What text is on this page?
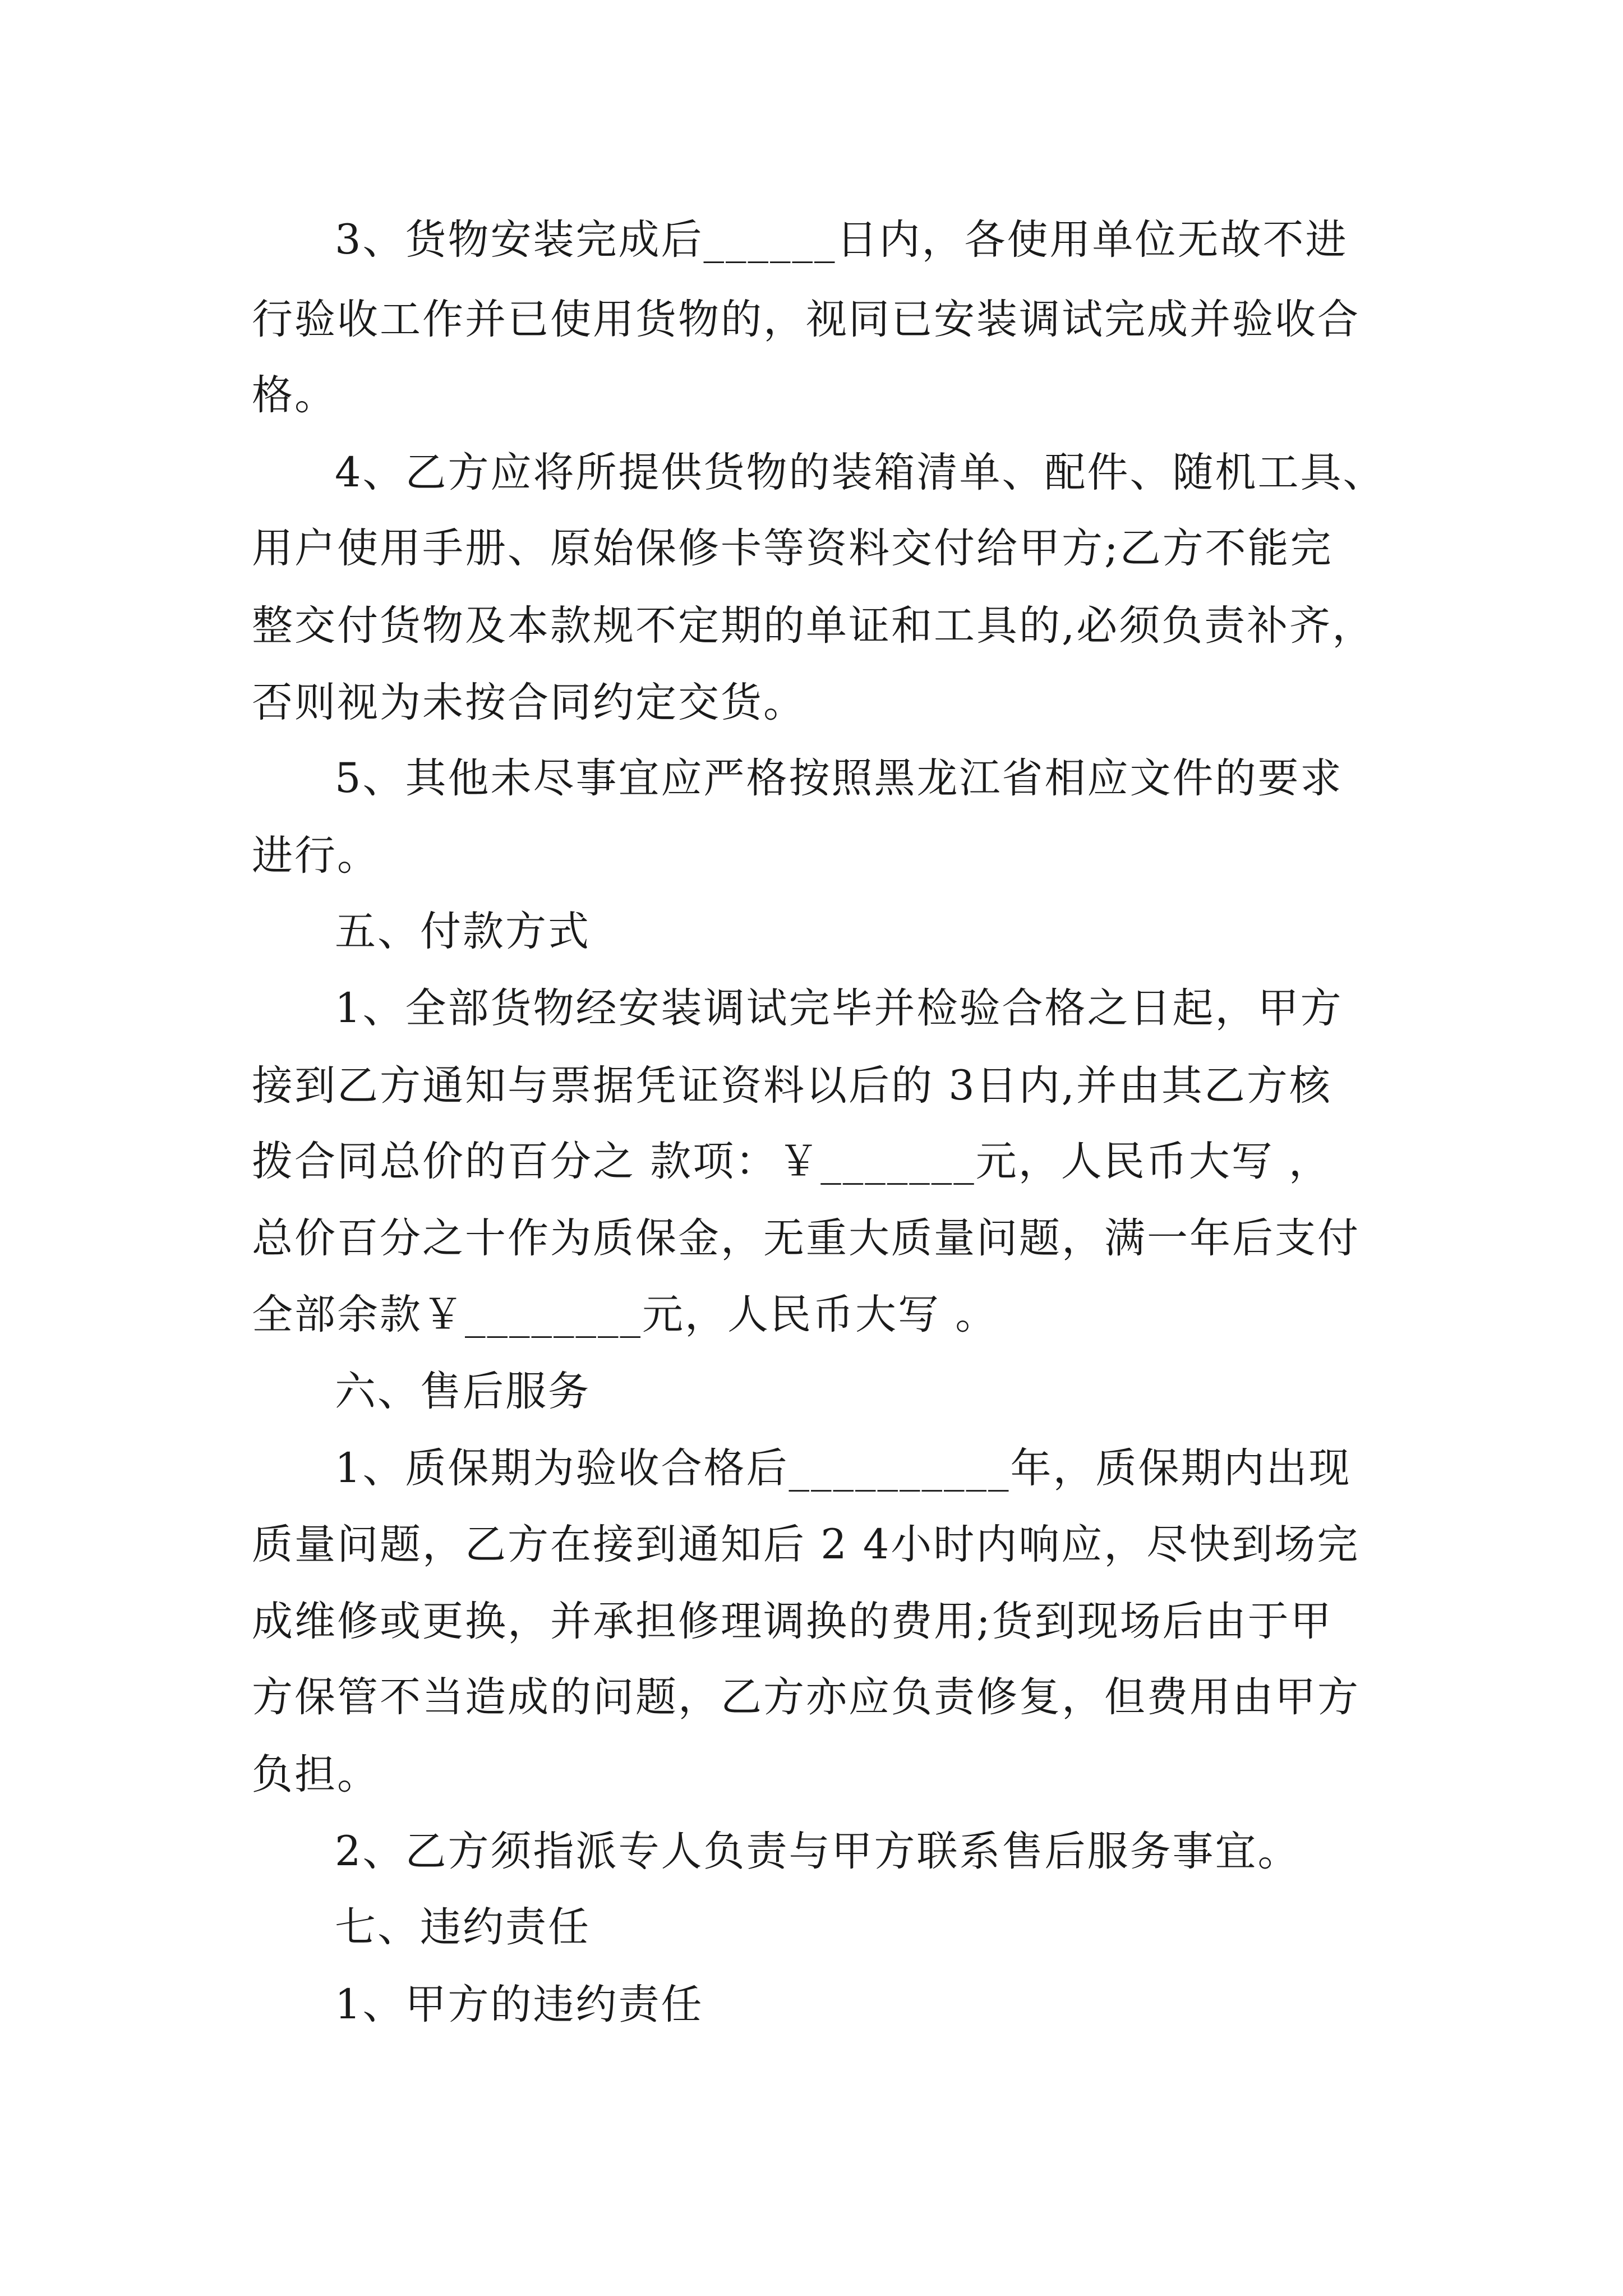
3、货物安装完成后______日内，各使用单位无故不进
行验收工作并已使用货物的，视同已安装调试完成并验收合
格。
4、乙方应将所提供货物的装箱清单、配件、随机工具、
用户使用手册、原始保修卡等资料交付给甲方;乙方不能完
整交付货物及本款规不定期的单证和工具的,必须负责补齐，
否则视为未按合同约定交货。
5、其他未尽事宜应严格按照黑龙江省相应文件的要求
进行。
五、付款方式
1、全部货物经安装调试完毕并检验合格之日起，甲方
接到乙方通知与票据凭证资料以后的 3日内,并由其乙方核
拨合同总价的百分之 款项：￥_______元，人民币大写 ，
总价百分之十作为质保金，无重大质量问题，满一年后支付
全部余款￥________元，人民币大写 。
六、售后服务
1、质保期为验收合格后__________年，质保期内出现
质量问题，乙方在接到通知后 2 4小时内响应，尽快到场完
成维修或更换，并承担修理调换的费用;货到现场后由于甲
方保管不当造成的问题，乙方亦应负责修复，但费用由甲方
负担。
2、乙方须指派专人负责与甲方联系售后服务事宜。
七、违约责任
1、甲方的违约责任
